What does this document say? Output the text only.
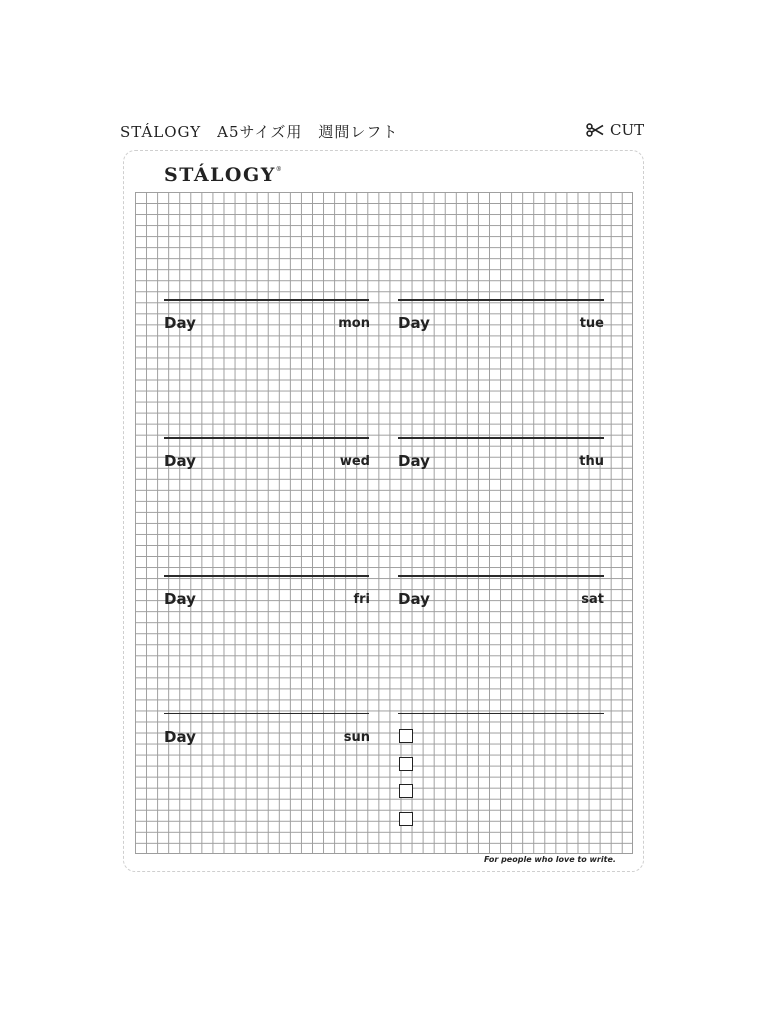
STÁLOGY　A5サイズ用　週間レフト	CUT
STÁLOGY®
Day	mon Day	tue
Day	wed Day	thu
Day	fri Day	sat
Day	sun
For people who love to write.
